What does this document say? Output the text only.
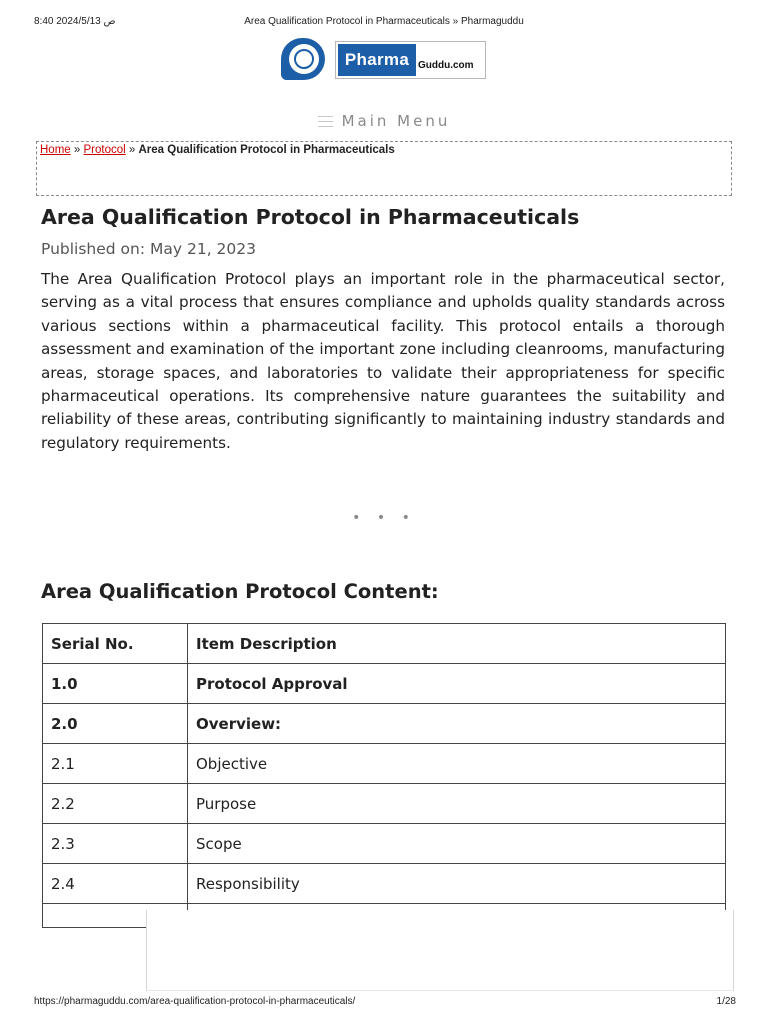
8:40 2024/5/13 ص	Area Qualification Protocol in Pharmaceuticals » Pharmaguddu
Pharma Guddu.com
Main Menu
Home » Protocol » Area Qualification Protocol in Pharmaceuticals
Area Qualification Protocol in Pharmaceuticals
Published on: May 21, 2023

The Area Qualification Protocol plays an important role in the pharmaceutical sector, serving as a vital process that ensures compliance and upholds quality standards across various sections within a pharmaceutical facility. This protocol entails a thorough assessment and examination of the important zone including cleanrooms, manufacturing areas, storage spaces, and laboratories to validate their appropriateness for specific pharmaceutical operations. Its comprehensive nature guarantees the suitability and reliability of these areas, contributing significantly to maintaining industry standards and regulatory requirements.

• • •
Area Qualification Protocol Content:
Serial No.	Item Description
1.0	Protocol Approval
2.0	Overview:
2.1	Objective
2.2	Purpose
2.3	Scope
2.4	Responsibility

https://pharmaguddu.com/area-qualification-protocol-in-pharmaceuticals/	1/28
